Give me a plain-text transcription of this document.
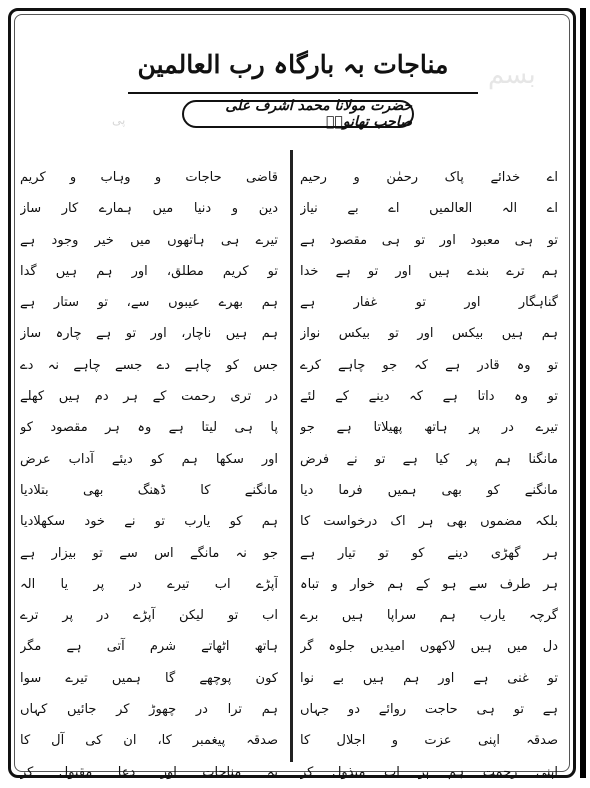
بسم
پی
مناجات بہ بارگاہ رب العالمین
حضرت مولانا محمد اشرف علی صاحب تھانویؒ
اے خدائے پاک رحمٰن و رحیم
اے الہ العالمیں اے بے نیاز
تو ہی معبود اور تو ہی مقصود ہے
ہم ترے بندے ہیں اور تو ہے خدا
گناہگار اور تو غفار ہے
ہم ہیں بیکس اور تو بیکس نواز
تو وہ قادر ہے کہ جو چاہے کرے
تو وہ داتا ہے کہ دینے کے لئے
تیرے در پر ہاتھ پھیلاتا ہے جو
مانگنا ہم پر کیا ہے تو نے فرض
مانگنے کو بھی ہمیں فرما دیا
بلکہ مضموں بھی ہر اک درخواست کا
ہر گھڑی دینے کو تو تیار ہے
ہر طرف سے ہو کے ہم خوار و تباہ
گرچہ یارب ہم سراپا ہیں برے
دل میں ہیں لاکھوں امیدیں جلوہ گر
تو غنی ہے اور ہم ہیں بے نوا
ہے تو ہی حاجت روائے دو جہاں
صدقہ اپنی عزت و اجلال کا
اپنی رحمت ہم پر اب مبذول کر
قاضی حاجات و وہاب و کریم
دین و دنیا میں ہمارے کار ساز
تیرے ہی ہاتھوں میں خیر وجود ہے
تو کریم مطلق، اور ہم ہیں گدا
ہم بھرے عیبوں سے، تو ستار ہے
ہم ہیں ناچار، اور تو ہے چارہ ساز
جس کو چاہے دے جسے چاہے نہ دے
در تری رحمت کے ہر دم ہیں کھلے
پا ہی لیتا ہے وہ ہر مقصود کو
اور سکھا ہم کو دیئے آداب عرض
مانگنے کا ڈھنگ بھی بتلادیا
ہم کو یارب تو نے خود سکھلادیا
جو نہ مانگے اس سے تو بیزار ہے
آپڑے اب تیرے در پر یا الہ
اب تو لیکن آپڑے در پر ترے
ہاتھ اٹھاتے شرم آتی ہے مگر
کون پوچھے گا ہمیں تیرے سوا
ہم ترا در چھوڑ کر جائیں کہاں
صدقہ پیغمبر کا، ان کی آل کا
یہ مناجات اور دعا مقبول کر
